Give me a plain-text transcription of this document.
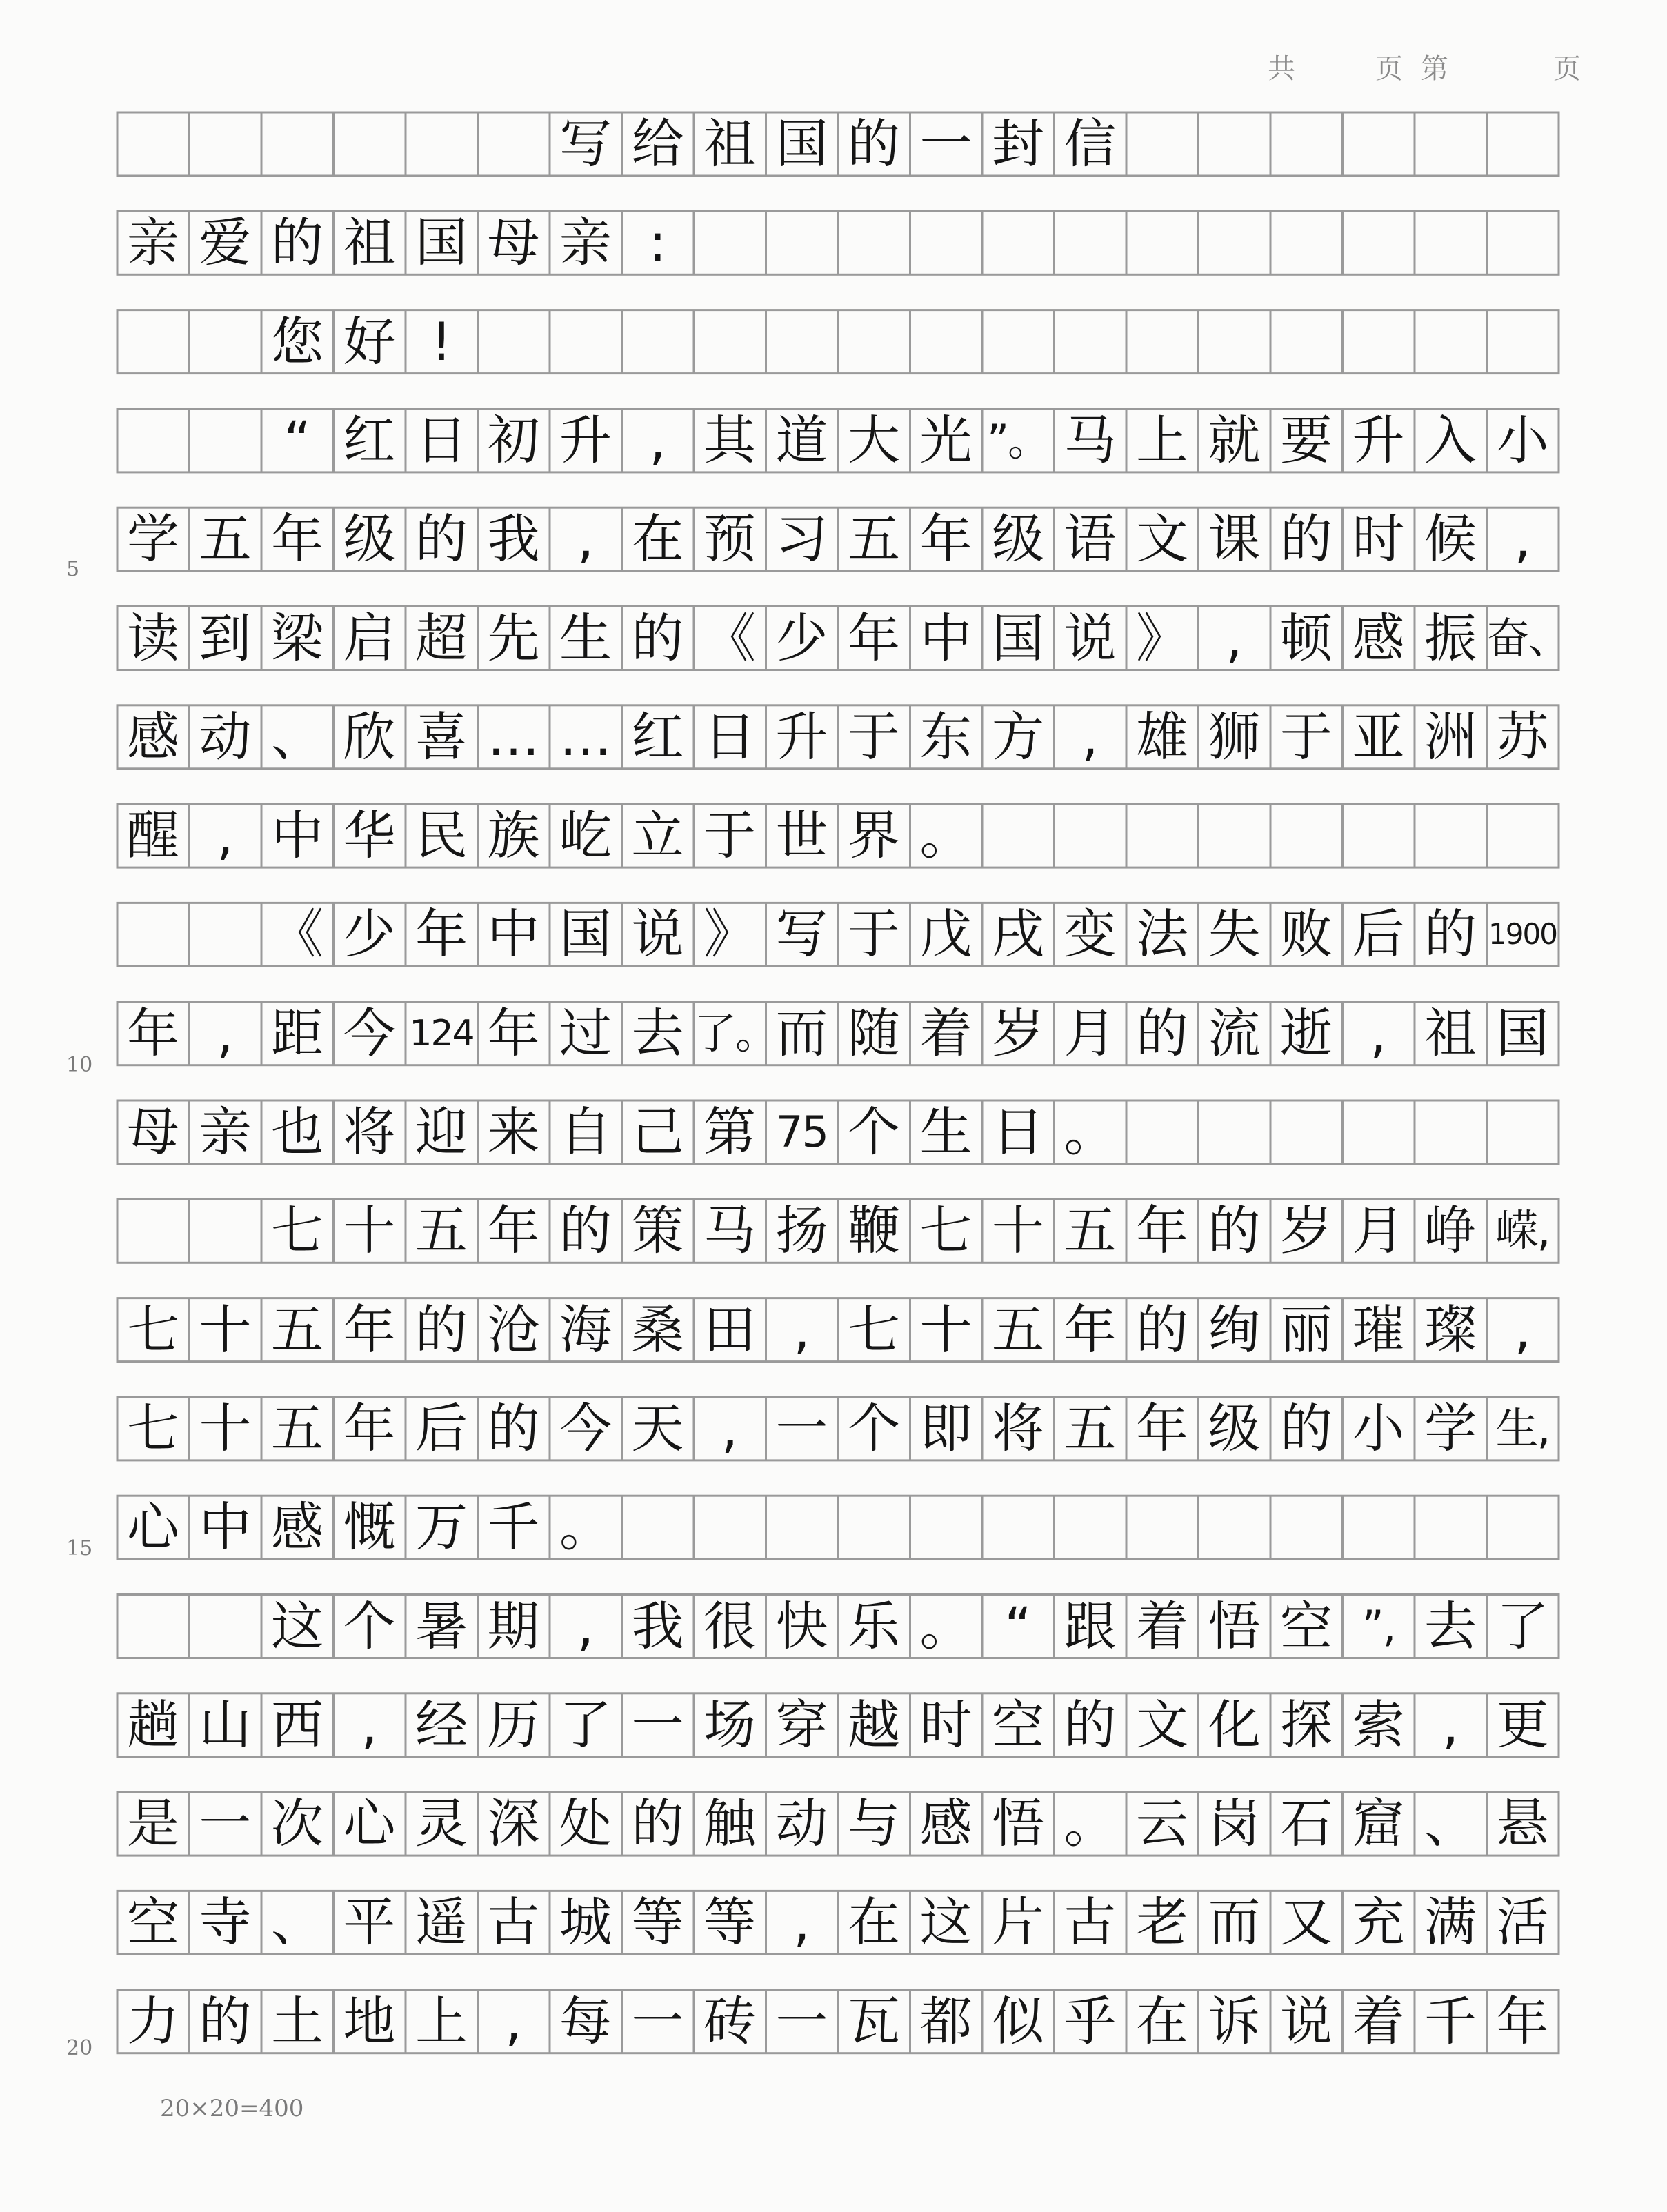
共	页第	页
写 给 祖 国 的 一 封 信
亲 爱 的 祖 国 母 亲 :
您 好 !
“ 红 日 初 升 , 其 道 大 光 ”。 马 上 就 要 升 入 小
学 五 年 级 的 我 , 在 预 习 五 年 级 语 文 课 的 时 候 ,
读 到 梁 启 超 先 生 的 《 少 年 中 国 说 》 , 顿 感 振 奋、
感 动 、 欣 喜 … … 红 日 升 于 东 方 , 雄 狮 于 亚 洲 苏
醒 , 中 华 民 族 屹 立 于 世 界 。
《 少 年 中 国 说 》 写 于 戊 戌 变 法 失 败 后 的 1900
年 , 距 今 124 年 过 去 了。
而 随 着 岁 月 的 流 逝 , 祖 国
母 亲 也 将 迎 来 自 己 第 75 个 生 日 。
七 十 五 年 的 策 马 扬 鞭 七 十 五 年 的 岁 月 峥 嵘,
七 十 五 年 的 沧 海 桑 田 , 七 十 五 年 的 绚 丽 璀 璨 ,
七 十 五 年 后 的 今 天 , 一 个 即 将 五 年 级 的 小 学 生,
心 中 感 慨 万 千 。
这 个 暑 期 , 我 很 快 乐 。 “ 跟 着 悟 空 ”, 去 了
趟 山 西 , 经 历 了 一 场 穿 越 时 空 的 文 化 探 索 , 更
是 一 次 心 灵 深 处 的 触 动 与 感 悟 。 云 岗 石 窟 、 悬
空 寺 、 平 遥 古 城 等 等 , 在 这 片 古 老 而 又 充 满 活
力 的 土 地 上 , 每 一 砖 一 瓦 都 似 乎 在 诉 说 着 千 年
5
10
15
20
20×20=400
